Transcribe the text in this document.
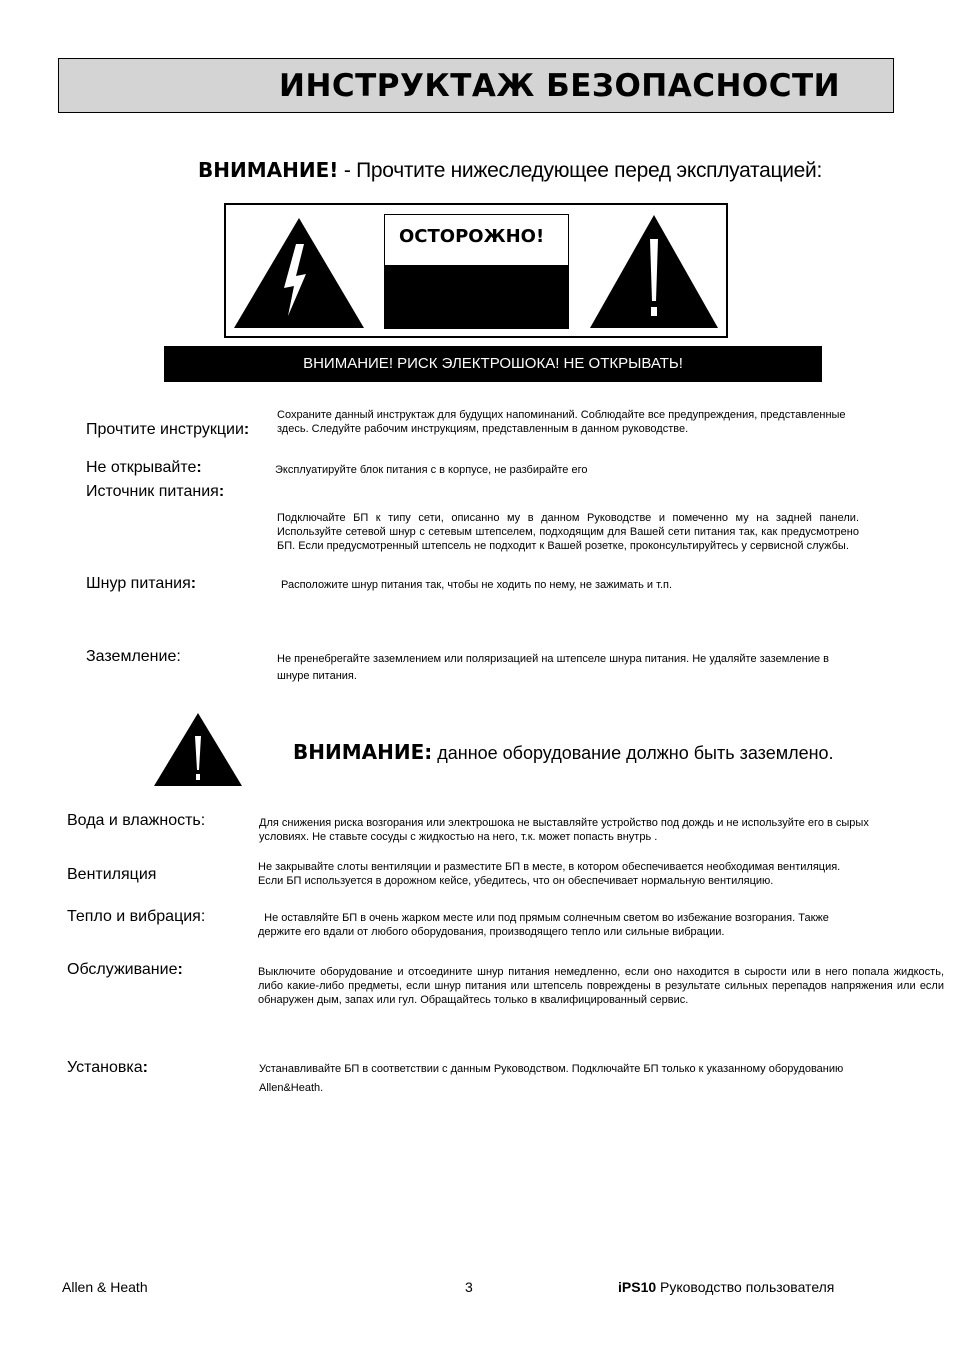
ИНСТРУКТАЖ БЕЗОПАСНОСТИ
ВНИМАНИЕ! - Прочтите нижеследующее перед эксплуатацией:
ОСТОРОЖНО!
ВНИМАНИЕ! РИСК ЭЛЕКТРОШОКА! НЕ ОТКРЫВАТЬ!
Прочтите инструкции:
Сохраните данный инструктаж для будущих напоминаний. Соблюдайте все предупреждения, представленные здесь. Следуйте рабочим инструкциям, представленным в данном руководстве.
Не открывайте:	Эксплуатируйте блок питания с в корпусе, не разбирайте его
Источник питания:
Подключайте БП к типу сети, описанно му в данном Руководстве и помеченно му на задней панели. Используйте сетевой шнур с сетевым штепселем, подходящим для Вашей сети питания так, как предусмотрено БП. Если предусмотренный штепсель не подходит к Вашей розетке, проконсультируйтесь у сервисной службы.
Шнур питания:	Расположите шнур питания так, чтобы не ходить по нему, не зажимать и т.п.
Заземление:	Не пренебрегайте заземлением или поляризацией на штепселе шнура питания. Не удаляйте заземление в шнуре питания.
ВНИМАНИЕ: данное оборудование должно быть заземлено.
Вода и влажность:	Для снижения риска возгорания или электрошока не выставляйте устройство под дождь и не используйте его в сырых условиях. Не ставьте сосуды с жидкостью на него, т.к. может попасть внутрь .
Вентиляция	Не закрывайте слоты вентиляции и разместите БП в месте, в котором обеспечивается необходимая вентиляция. Если БП используется в дорожном кейсе, убедитесь, что он обеспечивает нормальную вентиляцию.
Тепло и вибрация:	Не оставляйте БП в очень жарком месте или под прямым солнечным светом во избежание возгорания. Также держите его вдали от любого оборудования, производящего тепло или сильные вибрации.
Обслуживание:	Выключите оборудование и отсоедините шнур питания немедленно, если оно находится в сырости или в него попала жидкость, либо какие-либо предметы, если шнур питания или штепсель повреждены в результате сильных перепадов напряжения или если обнаружен дым, запах или гул. Обращайтесь только в квалифицированный сервис.
Установка:	Устанавливайте БП в соответствии с данным Руководством. Подключайте БП только к указанному оборудованию Allen&Heath.
Allen & Heath	3	iPS10 Руководство пользователя
